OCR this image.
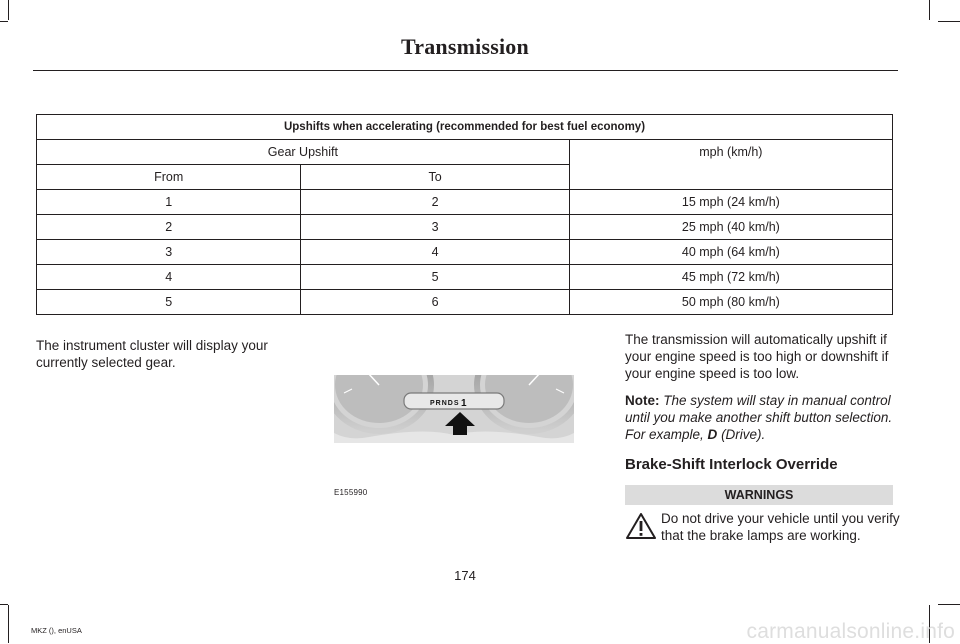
Transmission
Upshifts when accelerating (recommended for best fuel economy)		
Gear Upshift		mph (km/h)
From	To	
1	2	15 mph (24 km/h)
2	3	25 mph (40 km/h)
3	4	40 mph (64 km/h)
4	5	45 mph (72 km/h)
5	6	50 mph (80 km/h)
The instrument cluster will display your currently selected gear.
PRNDS 1
E155990

The transmission will automatically upshift if your engine speed is too high or downshift if your engine speed is too low.

Note: The system will stay in manual control until you make another shift button selection. For example, D (Drive).

Brake-Shift Interlock Override

WARNINGS
Do not drive your vehicle until you verify that the brake lamps are working.
174
MKZ (), enUSA	carmanualsonline.info
